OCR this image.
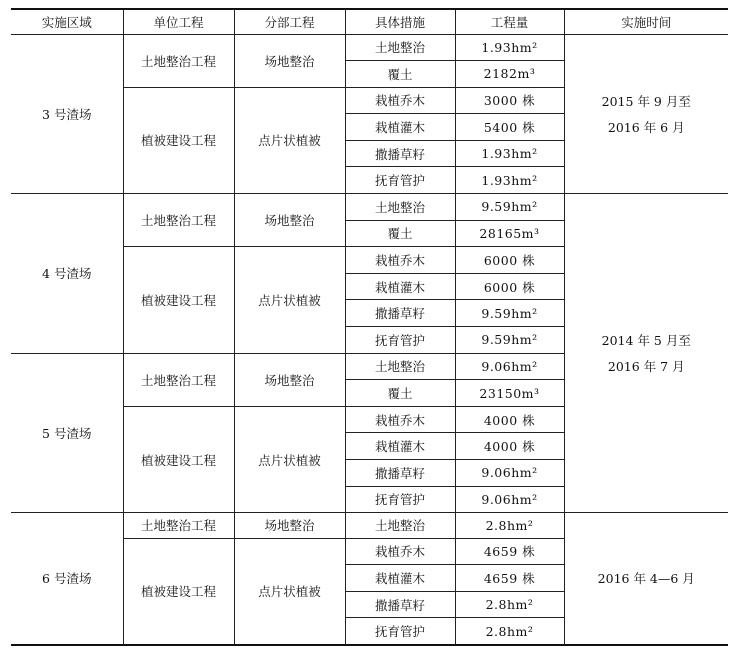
实施区域	单位工程	分部工程	具体措施	工程量	实施时间
3 号渣场	土地整治工程	场地整治	土地整治	1.93hm²	2015 年 9 月至
2016 年 6 月

			覆土	2182m³	
	植被建设工程	点片状植被	栽植乔木	3000 株	
			栽植灌木	5400 株	
			撒播草籽	1.93hm²	
			抚育管护	1.93hm²	
4 号渣场	土地整治工程	场地整治	土地整治	9.59hm²	2014 年 5 月至
2016 年 7 月

			覆土	28165m³	
	植被建设工程	点片状植被	栽植乔木	6000 株	
			栽植灌木	6000 株	
			撒播草籽	9.59hm²	
			抚育管护	9.59hm²	
5 号渣场	土地整治工程	场地整治	土地整治	9.06hm²	
			覆土	23150m³	
	植被建设工程	点片状植被	栽植乔木	4000 株	
			栽植灌木	4000 株	
			撒播草籽	9.06hm²	
			抚育管护	9.06hm²	
6 号渣场	土地整治工程	场地整治	土地整治	2.8hm²	2016 年 4—6 月

	植被建设工程	点片状植被	栽植乔木	4659 株	
			栽植灌木	4659 株	
			撒播草籽	2.8hm²	
			抚育管护	2.8hm²	
